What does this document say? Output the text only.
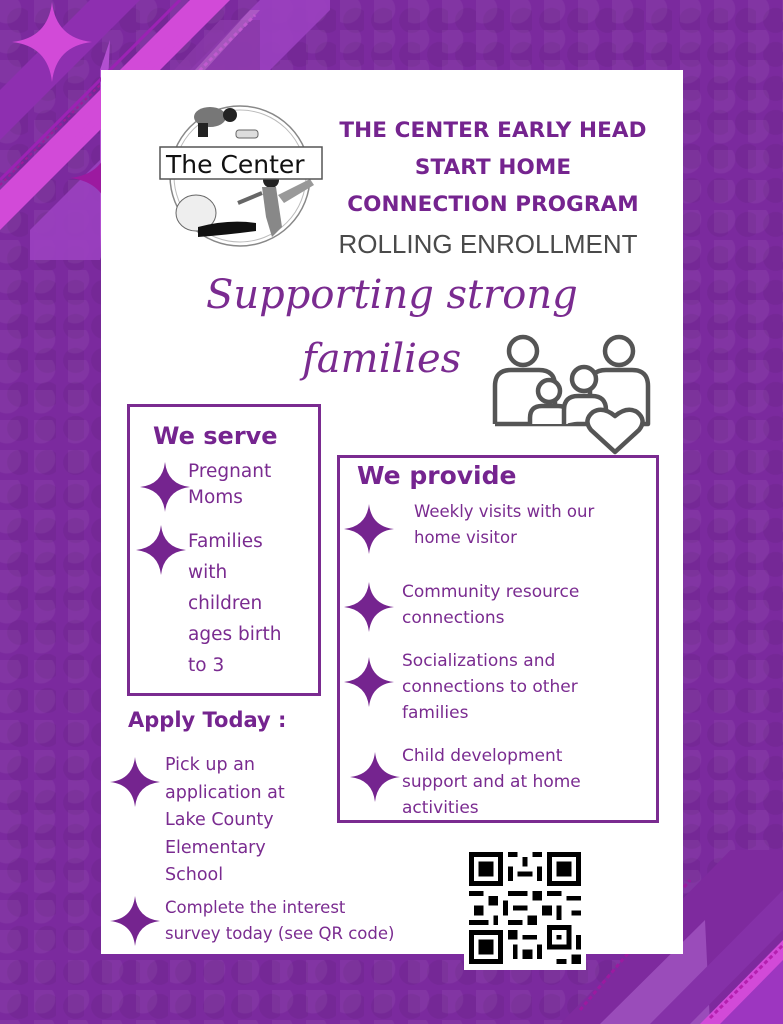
The Center
THE CENTER EARLY HEAD
START HOME
CONNECTION PROGRAM
ROLLING ENROLLMENT
Supporting strong
families
We serve
Pregnant
Moms
Families
with
children
ages birth
to 3
We provide
Weekly visits with our
home visitor
Community resource
connections
Socializations and
connections to other
families
Child development
support and at home
activities
Apply Today :
Pick up an
application at
Lake County
Elementary
School
Complete the interest
survey today (see QR code)
